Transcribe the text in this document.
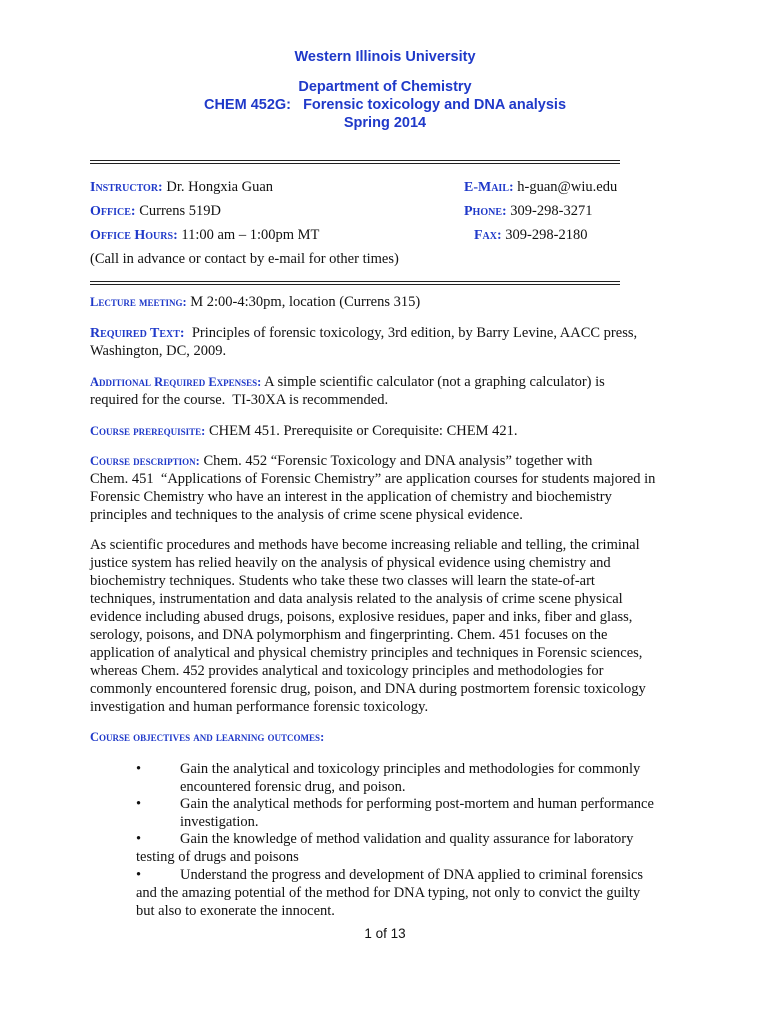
Western Illinois University
Department of Chemistry
CHEM 452G:   Forensic toxicology and DNA analysis
Spring 2014
Instructor: Dr. Hongxia Guan	E-Mail: h-guan@wiu.edu
Office: Currens 519D	Phone: 309-298-3271
Office Hours: 11:00 am – 1:00pm MT	Fax: 309-298-2180
(Call in advance or contact by e-mail for other times)
Lecture meeting: M 2:00-4:30pm, location (Currens 315)
Required Text: Principles of forensic toxicology, 3rd edition, by Barry Levine, AACC press,
Washington, DC, 2009.
Additional Required Expenses: A simple scientific calculator (not a graphing calculator) is
required for the course.  TI-30XA is recommended.
Course prerequisite: CHEM 451. Prerequisite or Corequisite: CHEM 421.
Course description: Chem. 452 “Forensic Toxicology and DNA analysis” together with
Chem. 451  “Applications of Forensic Chemistry” are application courses for students majored in
Forensic Chemistry who have an interest in the application of chemistry and biochemistry
principles and techniques to the analysis of crime scene physical evidence.
As scientific procedures and methods have become increasing reliable and telling, the criminal
justice system has relied heavily on the analysis of physical evidence using chemistry and
biochemistry techniques. Students who take these two classes will learn the state-of-art
techniques, instrumentation and data analysis related to the analysis of crime scene physical
evidence including abused drugs, poisons, explosive residues, paper and inks, fiber and glass,
serology, poisons, and DNA polymorphism and fingerprinting. Chem. 451 focuses on the
application of analytical and physical chemistry principles and techniques in Forensic sciences,
whereas Chem. 452 provides analytical and toxicology principles and methodologies for
commonly encountered forensic drug, poison, and DNA during postmortem forensic toxicology
investigation and human performance forensic toxicology.
Course objectives and learning outcomes:
•	Gain the analytical and toxicology principles and methodologies for commonly
encountered forensic drug, and poison.
•	Gain the analytical methods for performing post-mortem and human performance
investigation.
•	Gain the knowledge of method validation and quality assurance for laboratory
testing of drugs and poisons
•	Understand the progress and development of DNA applied to criminal forensics
and the amazing potential of the method for DNA typing, not only to convict the guilty
but also to exonerate the innocent.
1 of 13
